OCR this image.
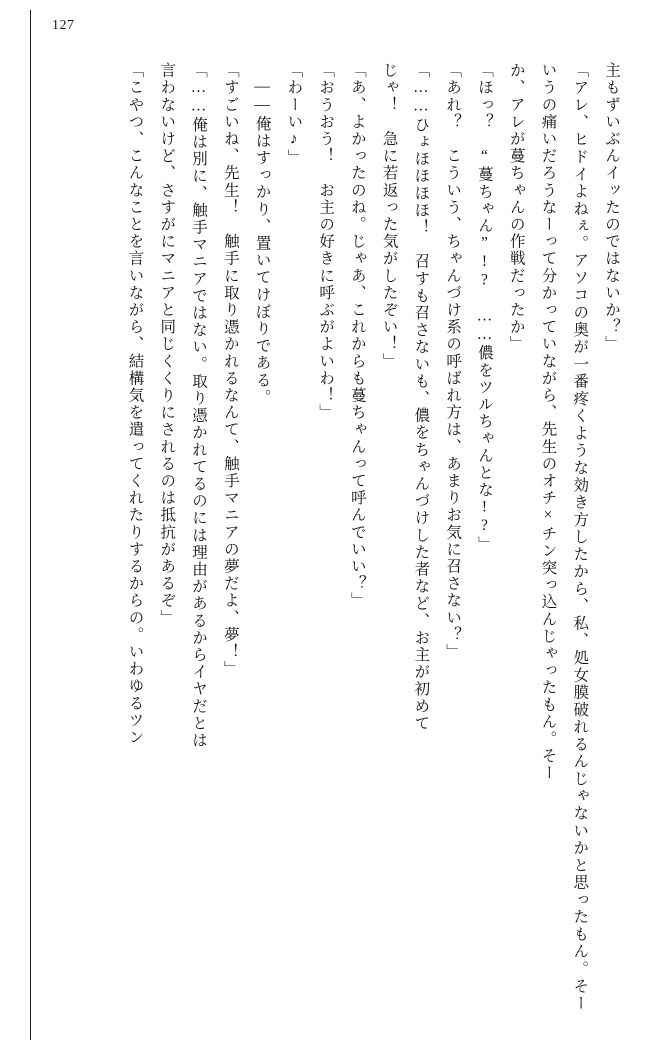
127

主もずいぶんイッたのではないか？」

「アレ、ヒドイよねぇ。アソコの奥が一番疼くような効き方したから、私、処女膜破れるんじゃないかと思ったもん。そーいうの痛いだろうなーって分かっていながら、先生のオチ×チン突っ込んじゃったもん。そー

か、アレが蔓ちゃんの作戦だったか」

「ほっ？　“蔓ちゃん”!?　……儂をツルちゃんとな!?」

「あれ？　こういう、ちゃんづけ系の呼ばれ方は、あまりお気に召さない？」

「……ひょほほほほ！　召すも召さないも、儂をちゃんづけした者など、お主が初めて

じゃ！　急に若返った気がしたぞい！」

「あ、よかったのね。じゃあ、これからも蔓ちゃんって呼んでいい？」

「おうおう！　お主の好きに呼ぶがよいわ！」

「わーい♪」

――俺はすっかり、置いてけぼりである。

「すごいね、先生！　触手に取り憑かれるなんて、触手マニアの夢だよ、夢！」

「……俺は別に、触手マニアではない。取り憑かれてるのには理由があるからイヤだとは

言わないけど、さすがにマニアと同じくくりにされるのは抵抗があるぞ」

「こやつ、こんなことを言いながら、結構気を遣ってくれたりするからの。いわゆるツン
